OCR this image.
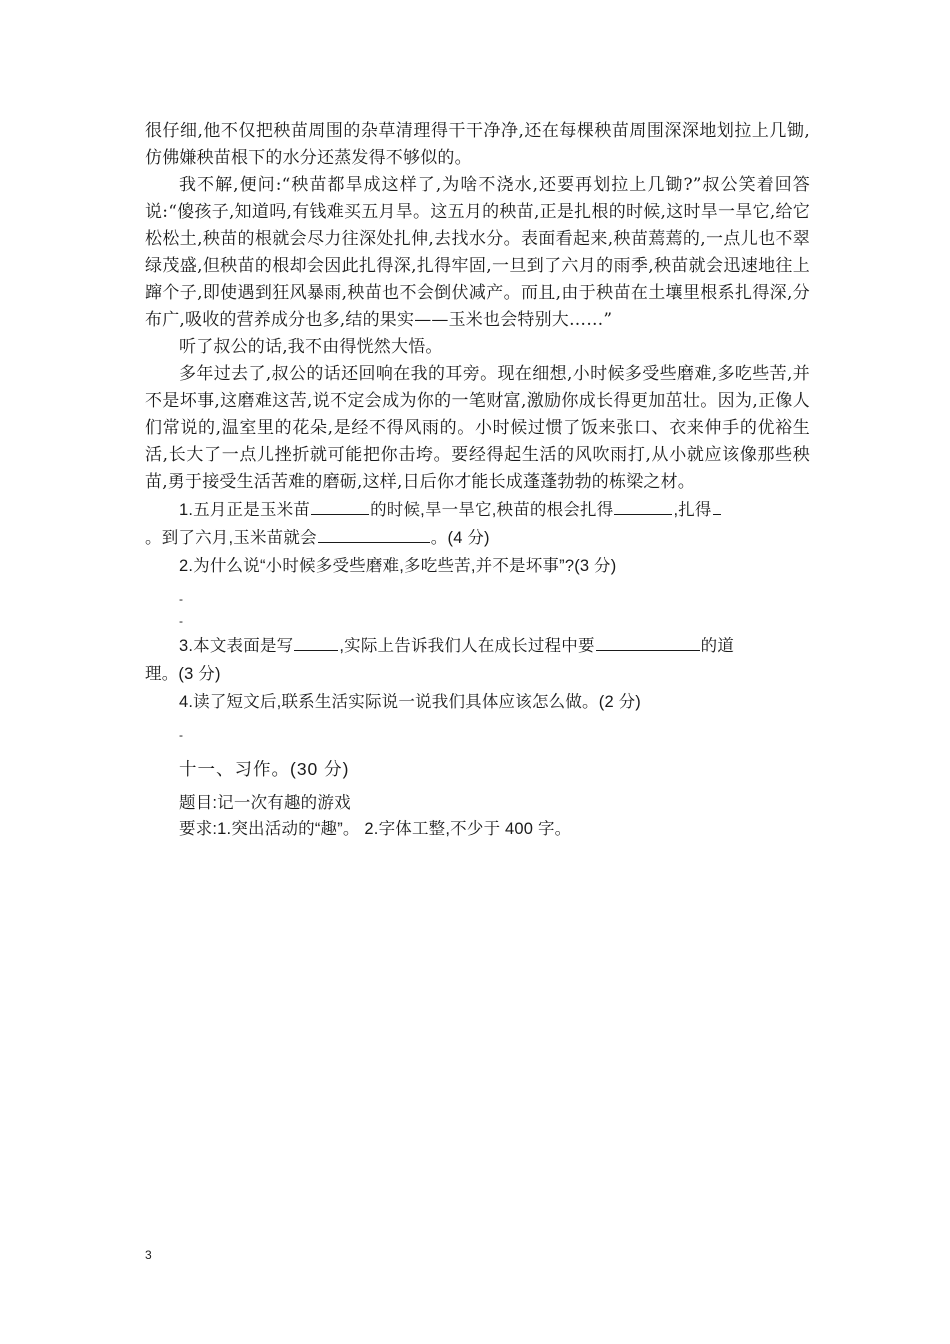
很仔细,他不仅把秧苗周围的杂草清理得干干净净,还在每棵秧苗周围深深地划拉上几锄,仿佛嫌秧苗根下的水分还蒸发得不够似的。

我不解,便问:“秧苗都旱成这样了,为啥不浇水,还要再划拉上几锄?”叔公笑着回答说:“傻孩子,知道吗,有钱难买五月旱。这五月的秧苗,正是扎根的时候,这时旱一旱它,给它松松土,秧苗的根就会尽力往深处扎伸,去找水分。表面看起来,秧苗蔫蔫的,一点儿也不翠绿茂盛,但秧苗的根却会因此扎得深,扎得牢固,一旦到了六月的雨季,秧苗就会迅速地往上蹿个子,即使遇到狂风暴雨,秧苗也不会倒伏减产。而且,由于秧苗在土壤里根系扎得深,分布广,吸收的营养成分也多,结的果实——玉米也会特别大……”

听了叔公的话,我不由得恍然大悟。

多年过去了,叔公的话还回响在我的耳旁。现在细想,小时候多受些磨难,多吃些苦,并不是坏事,这磨难这苦,说不定会成为你的一笔财富,激励你成长得更加茁壮。因为,正像人们常说的,温室里的花朵,是经不得风雨的。小时候过惯了饭来张口、衣来伸手的优裕生活,长大了一点儿挫折就可能把你击垮。要经得起生活的风吹雨打,从小就应该像那些秧苗,勇于接受生活苦难的磨砺,这样,日后你才能长成蓬蓬勃勃的栋梁之材。

1.五月正是玉米苗	的时候,旱一旱它,秧苗的根会扎得	,扎得

。到了六月,玉米苗就会	。(4 分)

2.为什么说“小时候多受些磨难,多吃些苦,并不是坏事”?(3 分)

-

-

3.本文表面是写	,实际上告诉我们人在成长过程中要	的道

理。(3 分)

4.读了短文后,联系生活实际说一说我们具体应该怎么做。(2 分)

-

十一、习作。(30 分)

题目:记一次有趣的游戏

要求:1.突出活动的“趣”。 2.字体工整,不少于 400 字。

3
